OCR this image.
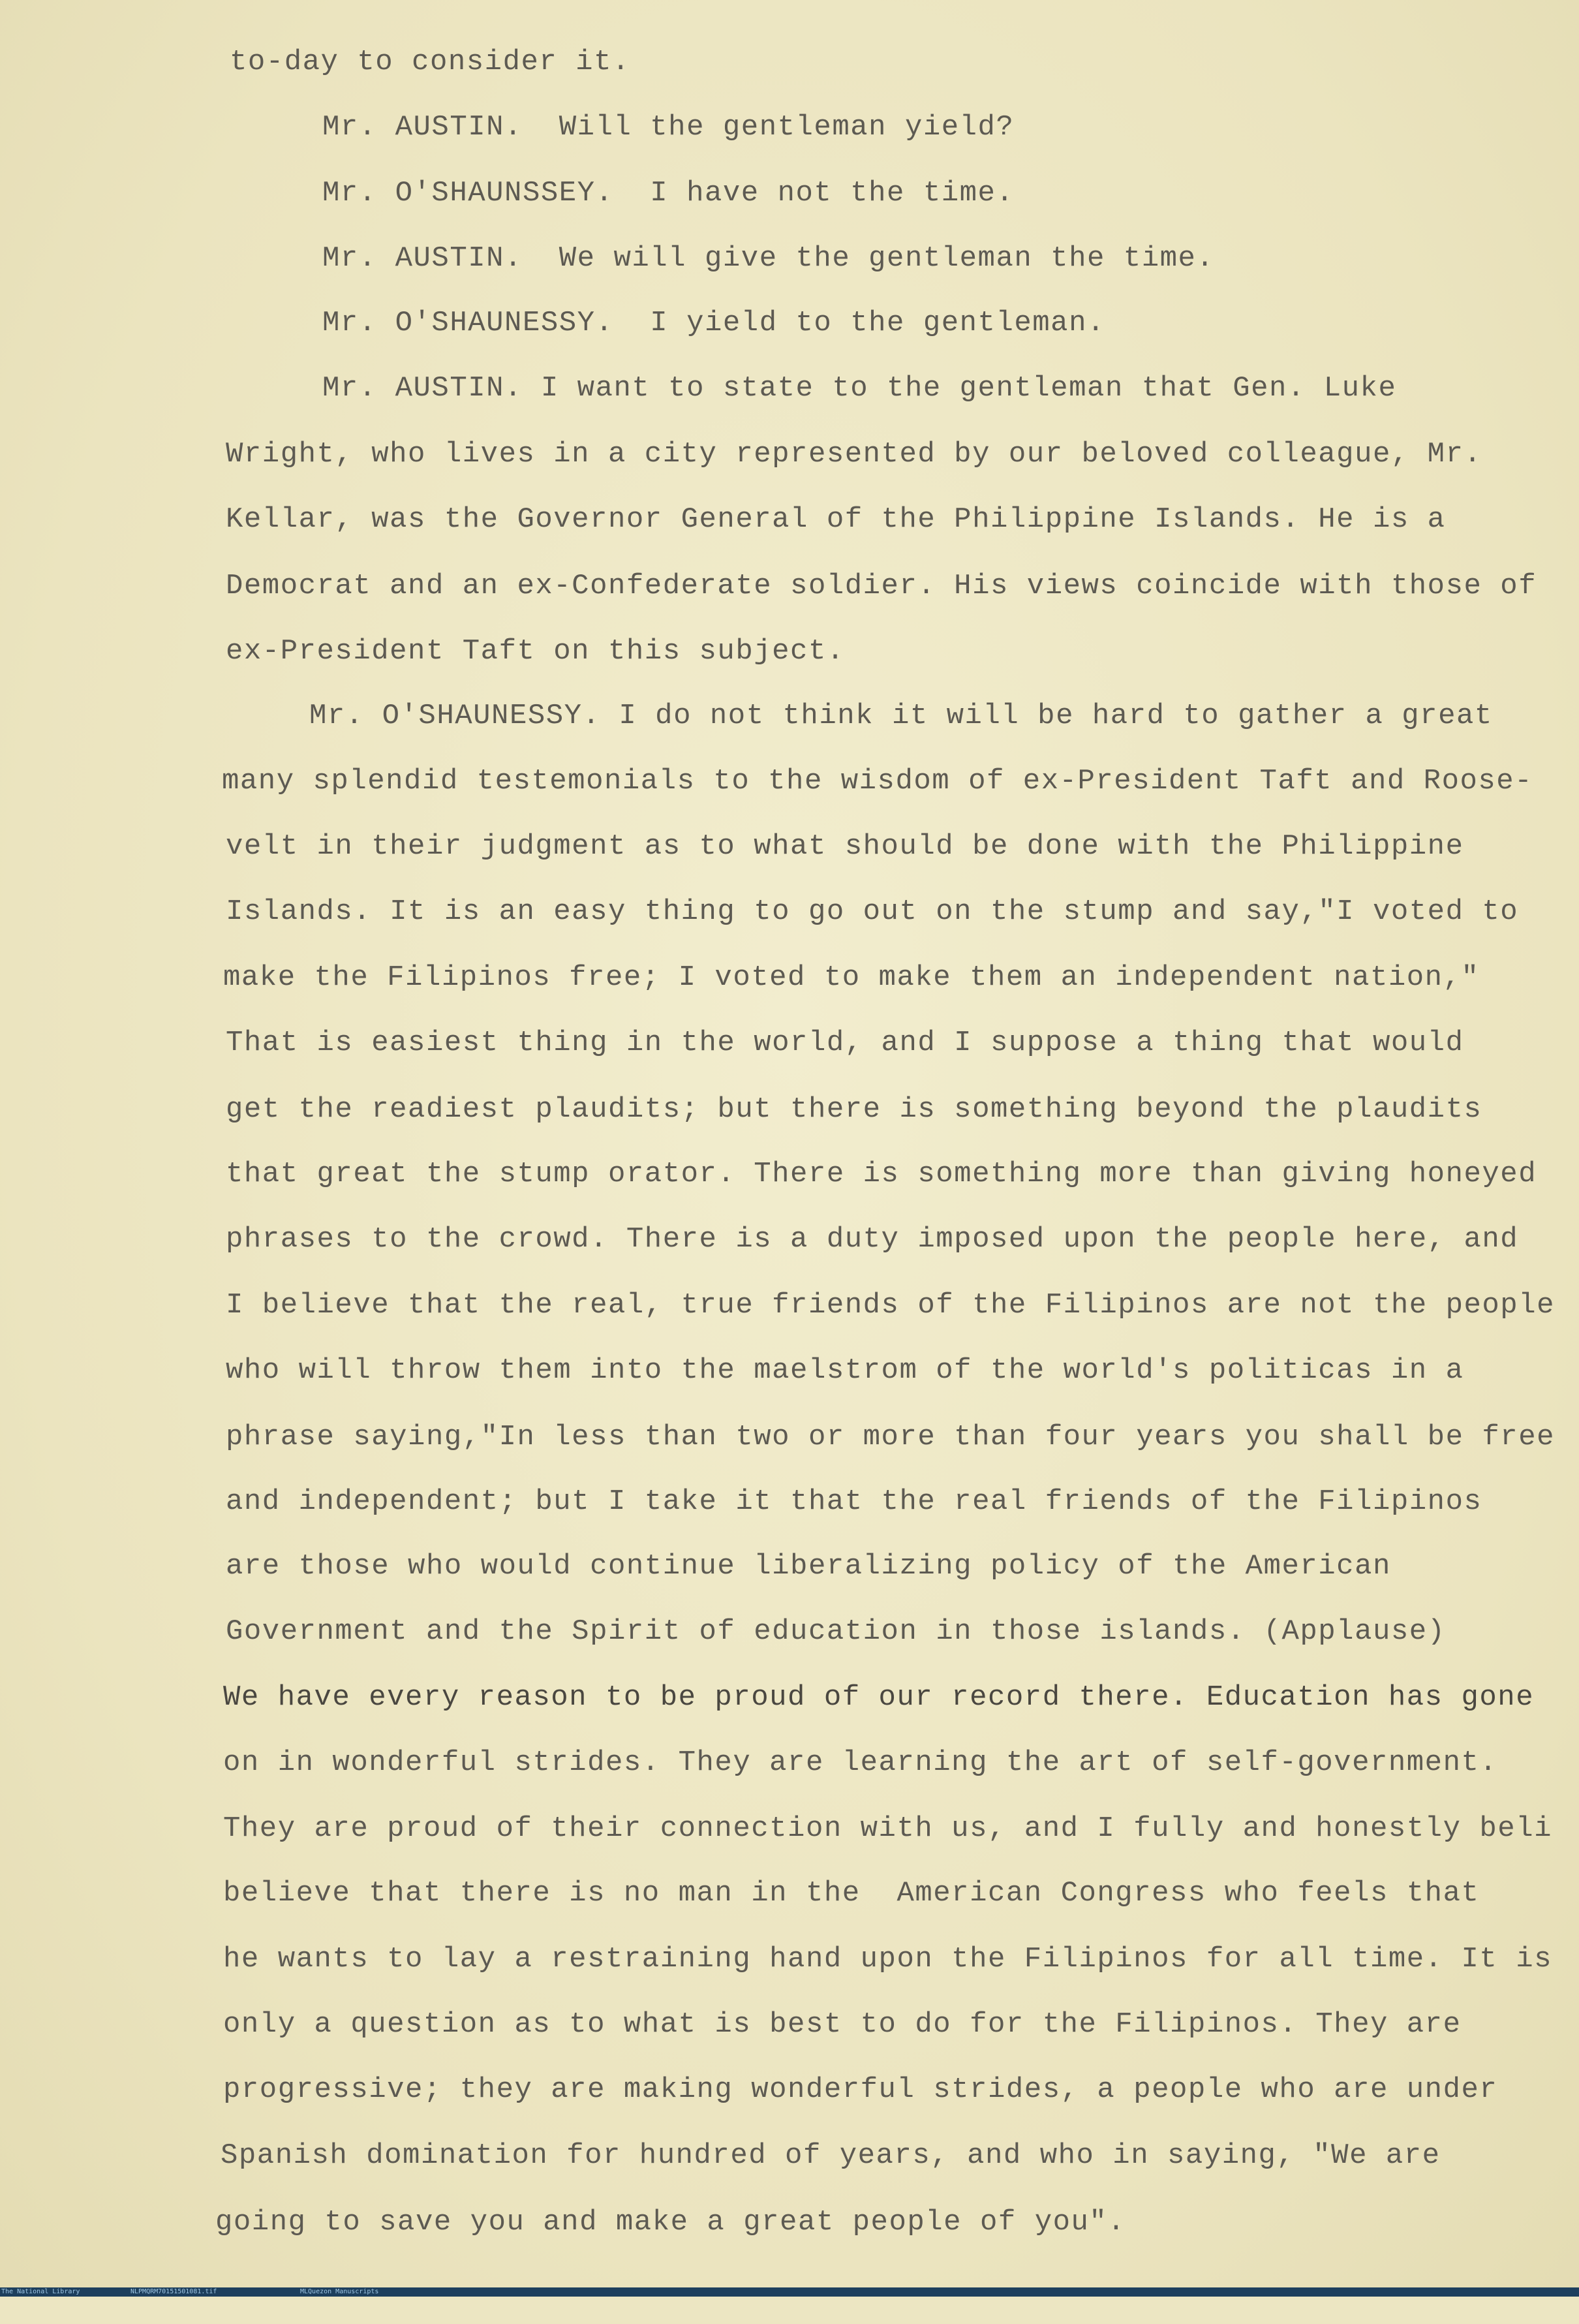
to-day to consider it.

Mr. AUSTIN.  Will the gentleman yield?

Mr. O'SHAUNSSEY.  I have not the time.

Mr. AUSTIN.  We will give the gentleman the time.

Mr. O'SHAUNESSY.  I yield to the gentleman.

Mr. AUSTIN. I want to state to the gentleman that Gen. Luke

Wright, who lives in a city represented by our beloved colleague, Mr.

Kellar, was the Governor General of the Philippine Islands. He is a

Democrat and an ex-Confederate soldier. His views coincide with those of

ex-President Taft on this subject.

Mr. O'SHAUNESSY. I do not think it will be hard to gather a great

many splendid testemonials to the wisdom of ex-President Taft and Roose-

velt in their judgment as to what should be done with the Philippine

Islands. It is an easy thing to go out on the stump and say,"I voted to

make the Filipinos free; I voted to make them an independent nation,"

That is easiest thing in the world, and I suppose a thing that would

get the readiest plaudits; but there is something beyond the plaudits

that great the stump orator. There is something more than giving honeyed

phrases to the crowd. There is a duty imposed upon the people here, and

I believe that the real, true friends of the Filipinos are not the people

who will throw them into the maelstrom of the world's politicas in a

phrase saying,"In less than two or more than four years you shall be free

and independent; but I take it that the real friends of the Filipinos

are those who would continue liberalizing policy of the American

Government and the Spirit of education in those islands. (Applause)

We have every reason to be proud of our record there. Education has gone

on in wonderful strides. They are learning the art of self-government.

They are proud of their connection with us, and I fully and honestly beli

believe that there is no man in the  American Congress who feels that

he wants to lay a restraining hand upon the Filipinos for all time. It is

only a question as to what is best to do for the Filipinos. They are

progressive; they are making wonderful strides, a people who are under

Spanish domination for hundred of years, and who in saying, "We are

going to save you and make a great people of you".

The National Library

	NLPMQRM70151501081.tif

	MLQuezon Manuscripts
